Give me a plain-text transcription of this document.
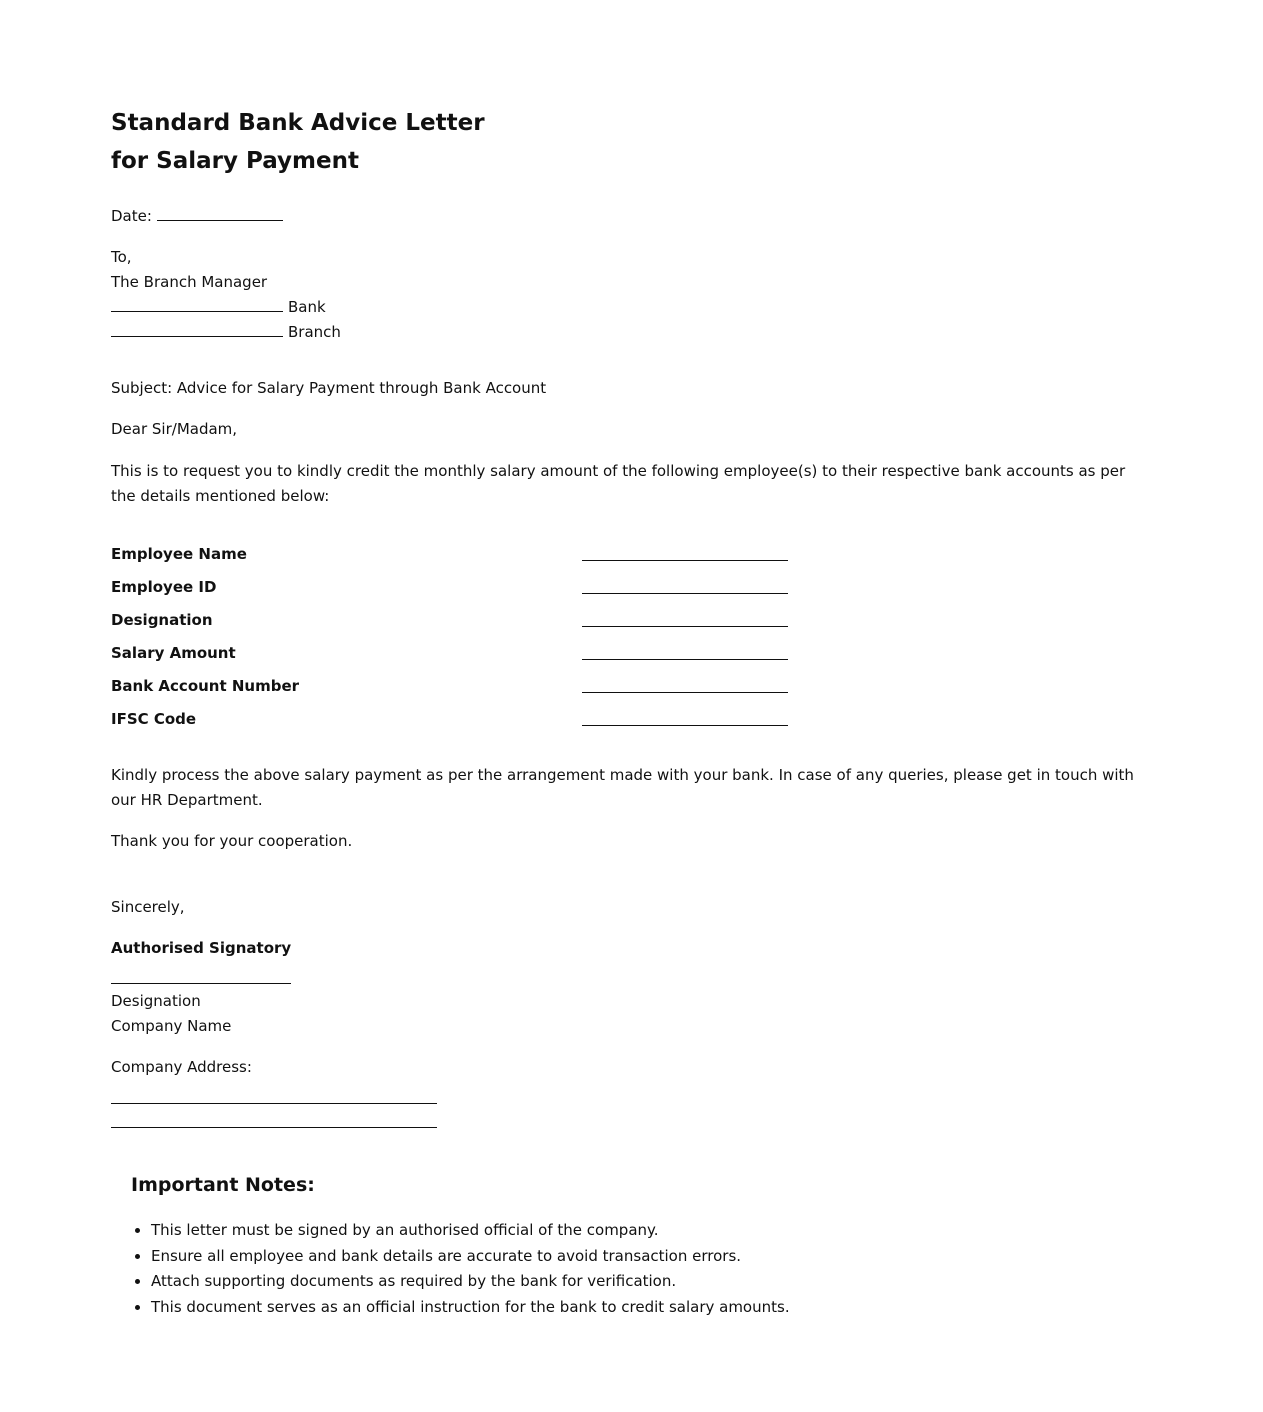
Standard Bank Advice Letter
for Salary Payment

Date:

To,

The Branch Manager

Bank

Branch

Subject: Advice for Salary Payment through Bank Account

Dear Sir/Madam,

This is to request you to kindly credit the monthly salary amount of the following employee(s) to their respective bank accounts as per the details mentioned below:

Employee Name
Employee ID
Designation
Salary Amount
Bank Account Number
IFSC Code

Kindly process the above salary payment as per the arrangement made with your bank. In case of any queries, please get in touch with our HR Department.

Thank you for your cooperation.

Sincerely,

Authorised Signatory

Designation

Company Name

Company Address:

Important Notes:
• This letter must be signed by an authorised official of the company.
• Ensure all employee and bank details are accurate to avoid transaction errors.
• Attach supporting documents as required by the bank for verification.
• This document serves as an official instruction for the bank to credit salary amounts.
